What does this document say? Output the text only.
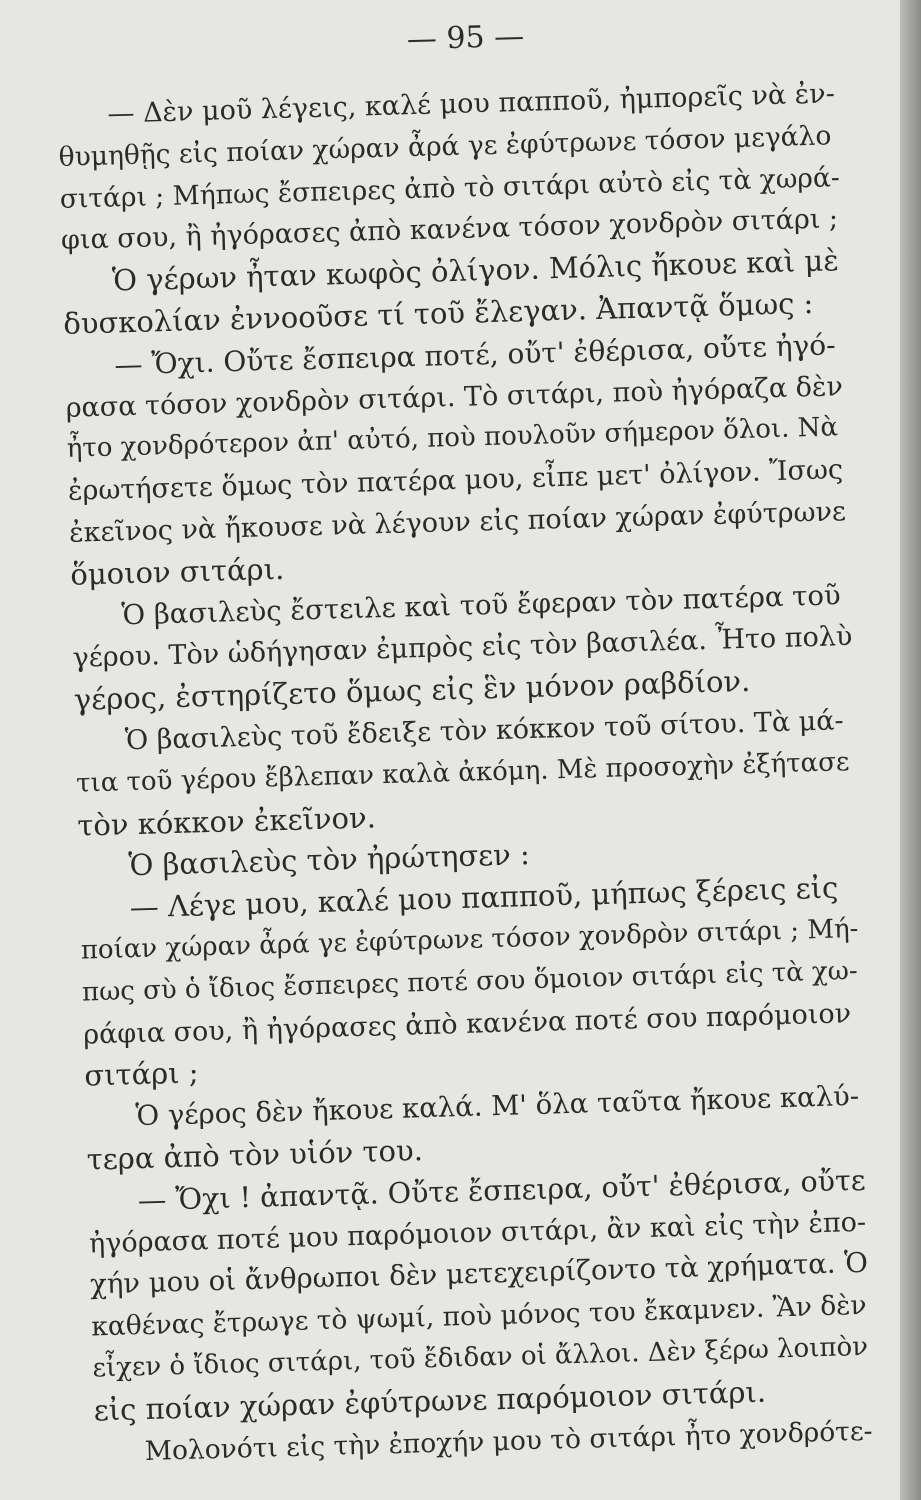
— 95 —
— Δὲν μοῦ λέγεις, καλέ μου παπποῦ, ἠμπορεῖς νὰ ἐν-
θυμηθῇς εἰς ποίαν χώραν ἆρά γε ἐφύτρωνε τόσον μεγάλο
σιτάρι ; Μήπως ἔσπειρες ἀπὸ τὸ σιτάρι αὐτὸ εἰς τὰ χωρά-
φια σου, ἢ ἠγόρασες ἀπὸ κανένα τόσον χονδρὸν σιτάρι ;
Ὁ γέρων ἦταν κωφὸς ὀλίγον. Μόλις ἤκουε καὶ μὲ
δυσκολίαν ἐννοοῦσε τί τοῦ ἔλεγαν. Ἀπαντᾷ ὅμως :
— Ὄχι. Οὔτε ἔσπειρα ποτέ, οὔτ' ἐθέρισα, οὔτε ἠγό-
ρασα τόσον χονδρὸν σιτάρι. Τὸ σιτάρι, ποὺ ἠγόραζα δὲν
ἦτο χονδρότερον ἀπ' αὐτό, ποὺ πουλοῦν σήμερον ὅλοι. Νὰ
ἐρωτήσετε ὅμως τὸν πατέρα μου, εἶπε μετ' ὀλίγον. Ἴσως
ἐκεῖνος νὰ ἤκουσε νὰ λέγουν εἰς ποίαν χώραν ἐφύτρωνε
ὅμοιον σιτάρι.
Ὁ βασιλεὺς ἔστειλε καὶ τοῦ ἔφεραν τὸν πατέρα τοῦ
γέρου. Τὸν ὡδήγησαν ἐμπρὸς εἰς τὸν βασιλέα. Ἦτο πολὺ
γέρος, ἐστηρίζετο ὅμως εἰς ἓν μόνον ραβδίον.
Ὁ βασιλεὺς τοῦ ἔδειξε τὸν κόκκον τοῦ σίτου. Τὰ μά-
τια τοῦ γέρου ἔβλεπαν καλὰ ἀκόμη. Μὲ προσοχὴν ἐξήτασε
τὸν κόκκον ἐκεῖνον.
Ὁ βασιλεὺς τὸν ἠρώτησεν :
— Λέγε μου, καλέ μου παπποῦ, μήπως ξέρεις εἰς
ποίαν χώραν ἆρά γε ἐφύτρωνε τόσον χονδρὸν σιτάρι ; Μή-
πως σὺ ὁ ἴδιος ἔσπειρες ποτέ σου ὅμοιον σιτάρι εἰς τὰ χω-
ράφια σου, ἢ ἠγόρασες ἀπὸ κανένα ποτέ σου παρόμοιον
σιτάρι ;
Ὁ γέρος δὲν ἤκουε καλά. Μ' ὅλα ταῦτα ἤκουε καλύ-
τερα ἀπὸ τὸν υἱόν του.
— Ὄχι ! ἀπαντᾷ. Οὔτε ἔσπειρα, οὔτ' ἐθέρισα, οὔτε
ἠγόρασα ποτέ μου παρόμοιον σιτάρι, ἂν καὶ εἰς τὴν ἐπο-
χήν μου οἱ ἄνθρωποι δὲν μετεχειρίζοντο τὰ χρήματα. Ὁ
καθένας ἔτρωγε τὸ ψωμί, ποὺ μόνος του ἔκαμνεν. Ἂν δὲν
εἶχεν ὁ ἴδιος σιτάρι, τοῦ ἔδιδαν οἱ ἄλλοι. Δὲν ξέρω λοιπὸν
εἰς ποίαν χώραν ἐφύτρωνε παρόμοιον σιτάρι.
Μολονότι εἰς τὴν ἐποχήν μου τὸ σιτάρι ἦτο χονδρότε-
